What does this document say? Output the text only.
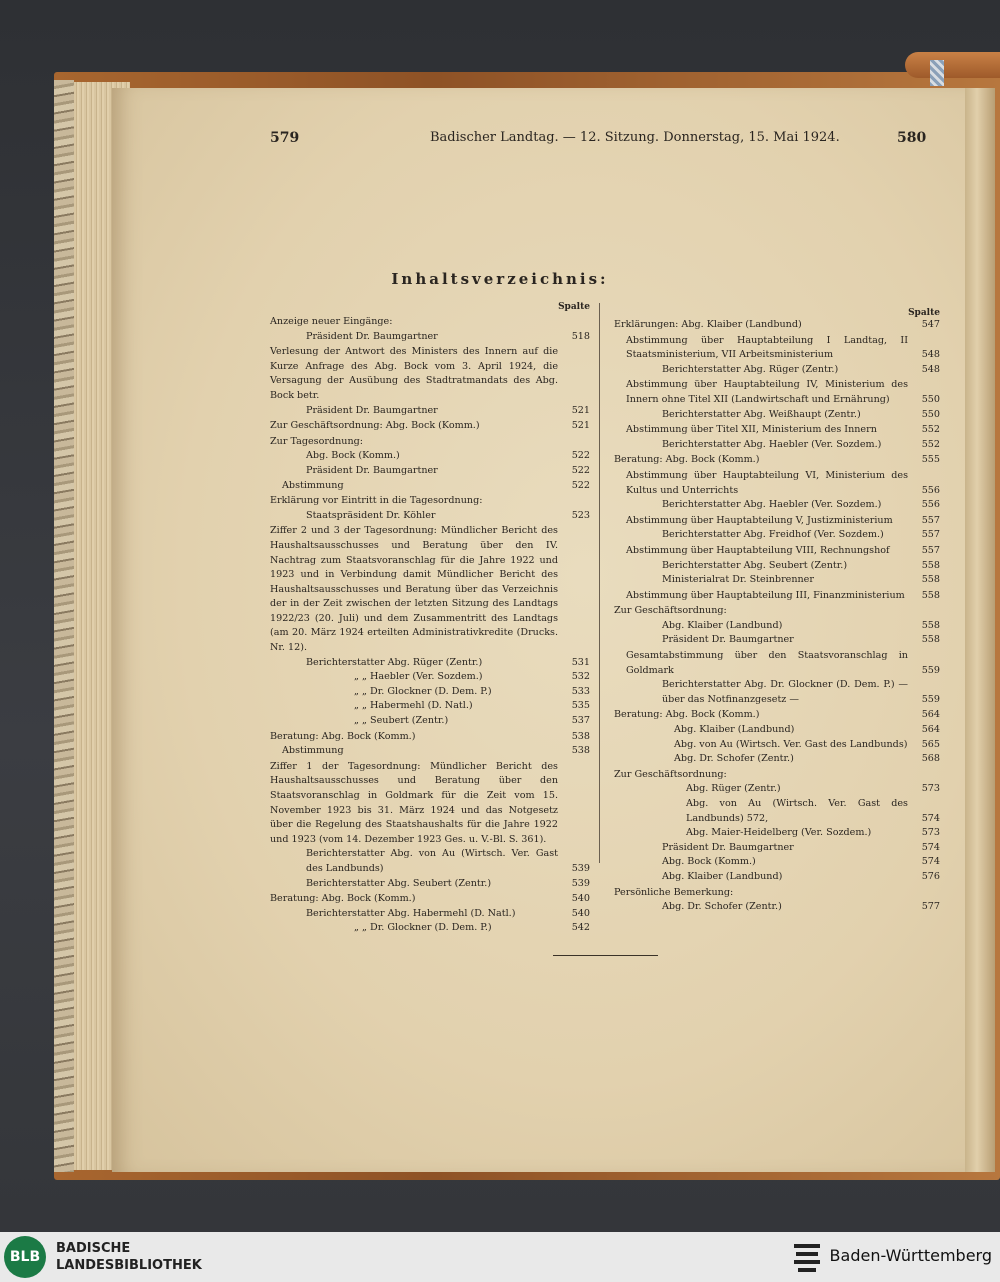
579	Badischer Landtag. — 12. Sitzung. Donnerstag, 15. Mai 1924.	580
Inhaltsverzeichnis:
Spalte
Anzeige neuer Eingänge:
Präsident Dr. Baumgartner	518
Verlesung der Antwort des Ministers des Innern auf die Kurze Anfrage des Abg. Bock vom 3. April 1924, die Versagung der Ausübung des Stadtratmandats des Abg. Bock betr.
Präsident Dr. Baumgartner	521
Zur Geschäftsordnung: Abg. Bock (Komm.)	521
Zur Tagesordnung:
Abg. Bock (Komm.)	522
Präsident Dr. Baumgartner	522
Abstimmung	522
Erklärung vor Eintritt in die Tagesordnung:
Staatspräsident Dr. Köhler	523
Ziffer 2 und 3 der Tagesordnung: Mündlicher Bericht des Haushaltsausschusses und Beratung über den IV. Nachtrag zum Staatsvoranschlag für die Jahre 1922 und 1923 und in Verbindung damit Mündlicher Bericht des Haushaltsausschusses und Beratung über das Verzeichnis der in der Zeit zwischen der letzten Sitzung des Landtags 1922/23 (20. Juli) und dem Zusammentritt des Landtags (am 20. März 1924 erteilten Administrativkredite (Drucks. Nr. 12).
Berichterstatter Abg. Rüger (Zentr.)	531
„ „ Haebler (Ver. Sozdem.)	532
„ „ Dr. Glockner (D. Dem. P.)	533
„ „ Habermehl (D. Natl.)	535
„ „ Seubert (Zentr.)	537
Beratung: Abg. Bock (Komm.)	538
Abstimmung	538
Ziffer 1 der Tagesordnung: Mündlicher Bericht des Haushaltsausschusses und Beratung über den Staatsvoranschlag in Goldmark für die Zeit vom 15. November 1923 bis 31. März 1924 und das Notgesetz über die Regelung des Staatshaushalts für die Jahre 1922 und 1923 (vom 14. Dezember 1923 Ges. u. V.-Bl. S. 361).
Berichterstatter Abg. von Au (Wirtsch. Ver. Gast des Landbunds)	539
Berichterstatter Abg. Seubert (Zentr.)	539
Beratung: Abg. Bock (Komm.)	540
Berichterstatter Abg. Habermehl (D. Natl.)	540
„ „ Dr. Glockner (D. Dem. P.)	542
Spalte
Erklärungen: Abg. Klaiber (Landbund)	547
Abstimmung über Hauptabteilung I Landtag, II Staatsministerium, VII Arbeitsministerium	548
Berichterstatter Abg. Rüger (Zentr.)	548
Abstimmung über Hauptabteilung IV, Ministerium des Innern ohne Titel XII (Landwirtschaft und Ernährung)	550
Berichterstatter Abg. Weißhaupt (Zentr.)	550
Abstimmung über Titel XII, Ministerium des Innern	552
Berichterstatter Abg. Haebler (Ver. Sozdem.)	552
Beratung: Abg. Bock (Komm.)	555
Abstimmung über Hauptabteilung VI, Ministerium des Kultus und Unterrichts	556
Berichterstatter Abg. Haebler (Ver. Sozdem.)	556
Abstimmung über Hauptabteilung V, Justizministerium	557
Berichterstatter Abg. Freidhof (Ver. Sozdem.)	557
Abstimmung über Hauptabteilung VIII, Rechnungshof	557
Berichterstatter Abg. Seubert (Zentr.)	558
Ministerialrat Dr. Steinbrenner	558
Abstimmung über Hauptabteilung III, Finanzministerium	558
Zur Geschäftsordnung:
Abg. Klaiber (Landbund)	558
Präsident Dr. Baumgartner	558
Gesamtabstimmung über den Staatsvoranschlag in Goldmark	559
Berichterstatter Abg. Dr. Glockner (D. Dem. P.) — über das Notfinanzgesetz —	559
Beratung: Abg. Bock (Komm.)	564
Abg. Klaiber (Landbund)	564
Abg. von Au (Wirtsch. Ver. Gast des Landbunds)	565
Abg. Dr. Schofer (Zentr.)	568
Zur Geschäftsordnung:
Abg. Rüger (Zentr.)	573
Abg. von Au (Wirtsch. Ver. Gast des Landbunds) 572,	574
Abg. Maier-Heidelberg (Ver. Sozdem.)	573
Präsident Dr. Baumgartner	574
Abg. Bock (Komm.)	574
Abg. Klaiber (Landbund)	576
Persönliche Bemerkung:
Abg. Dr. Schofer (Zentr.)	577
BLB
BADISCHE
LANDESBIBLIOTHEK
Baden-Württemberg
